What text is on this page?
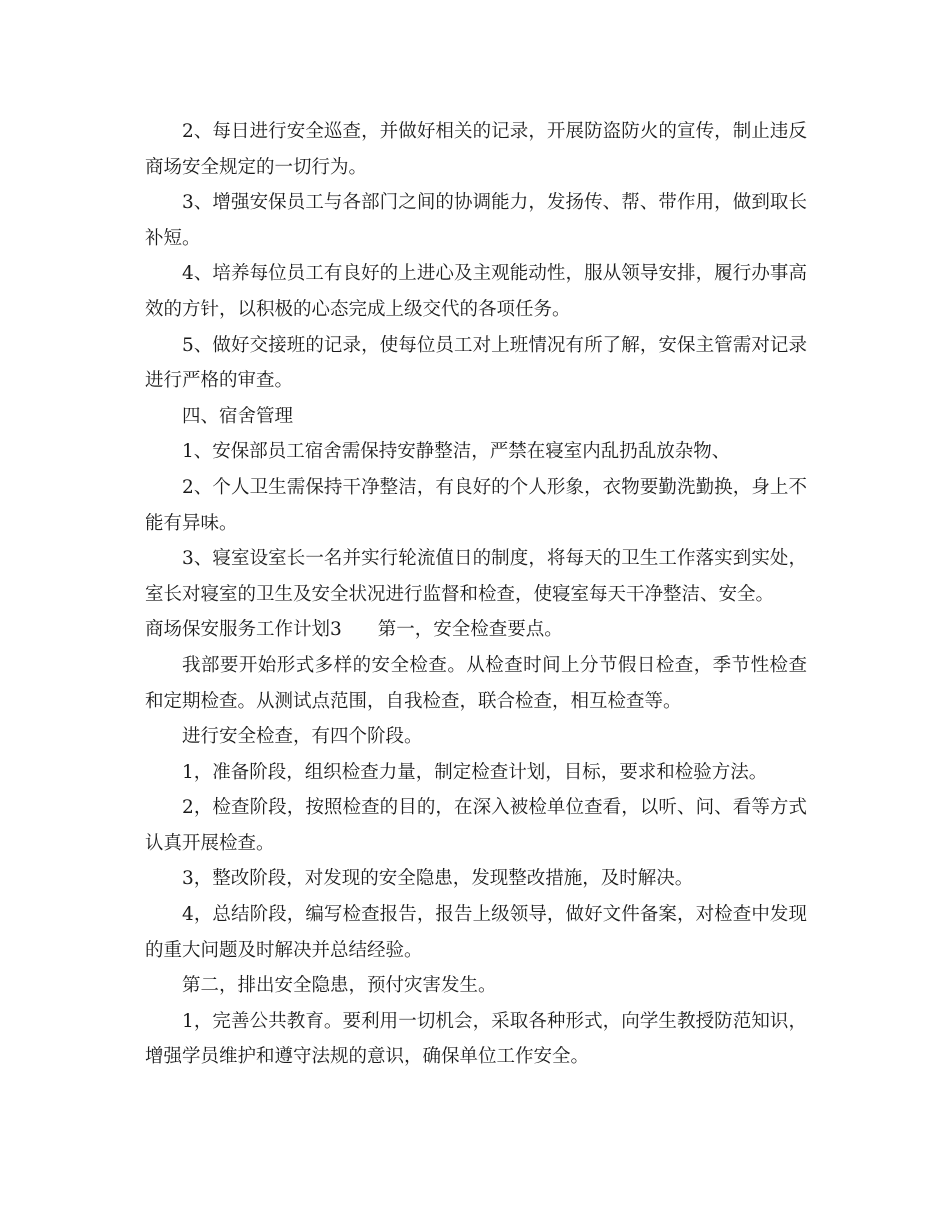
2、每日进行安全巡查，并做好相关的记录，开展防盗防火的宣传，制止违反商场安全规定的一切行为。

3、增强安保员工与各部门之间的协调能力，发扬传、帮、带作用，做到取长补短。

4、培养每位员工有良好的上进心及主观能动性，服从领导安排，履行办事高效的方针，以积极的心态完成上级交代的各项任务。

5、做好交接班的记录，使每位员工对上班情况有所了解，安保主管需对记录进行严格的审查。

四、宿舍管理

1、安保部员工宿舍需保持安静整洁，严禁在寝室内乱扔乱放杂物、

2、个人卫生需保持干净整洁，有良好的个人形象，衣物要勤洗勤换，身上不能有异味。

3、寝室设室长一名并实行轮流值日的制度，将每天的卫生工作落实到实处，室长对寝室的卫生及安全状况进行监督和检查，使寝室每天干净整洁、安全。

商场保安服务工作计划3 第一，安全检查要点。

我部要开始形式多样的安全检查。从检查时间上分节假日检查，季节性检查和定期检查。从测试点范围，自我检查，联合检查，相互检查等。

进行安全检查，有四个阶段。

1，准备阶段，组织检查力量，制定检查计划，目标，要求和检验方法。

2，检查阶段，按照检查的目的，在深入被检单位查看，以听、问、看等方式认真开展检查。

3，整改阶段，对发现的安全隐患，发现整改措施，及时解决。

4，总结阶段，编写检查报告，报告上级领导，做好文件备案，对检查中发现的重大问题及时解决并总结经验。

第二，排出安全隐患，预付灾害发生。

1，完善公共教育。要利用一切机会，采取各种形式，向学生教授防范知识，增强学员维护和遵守法规的意识，确保单位工作安全。
